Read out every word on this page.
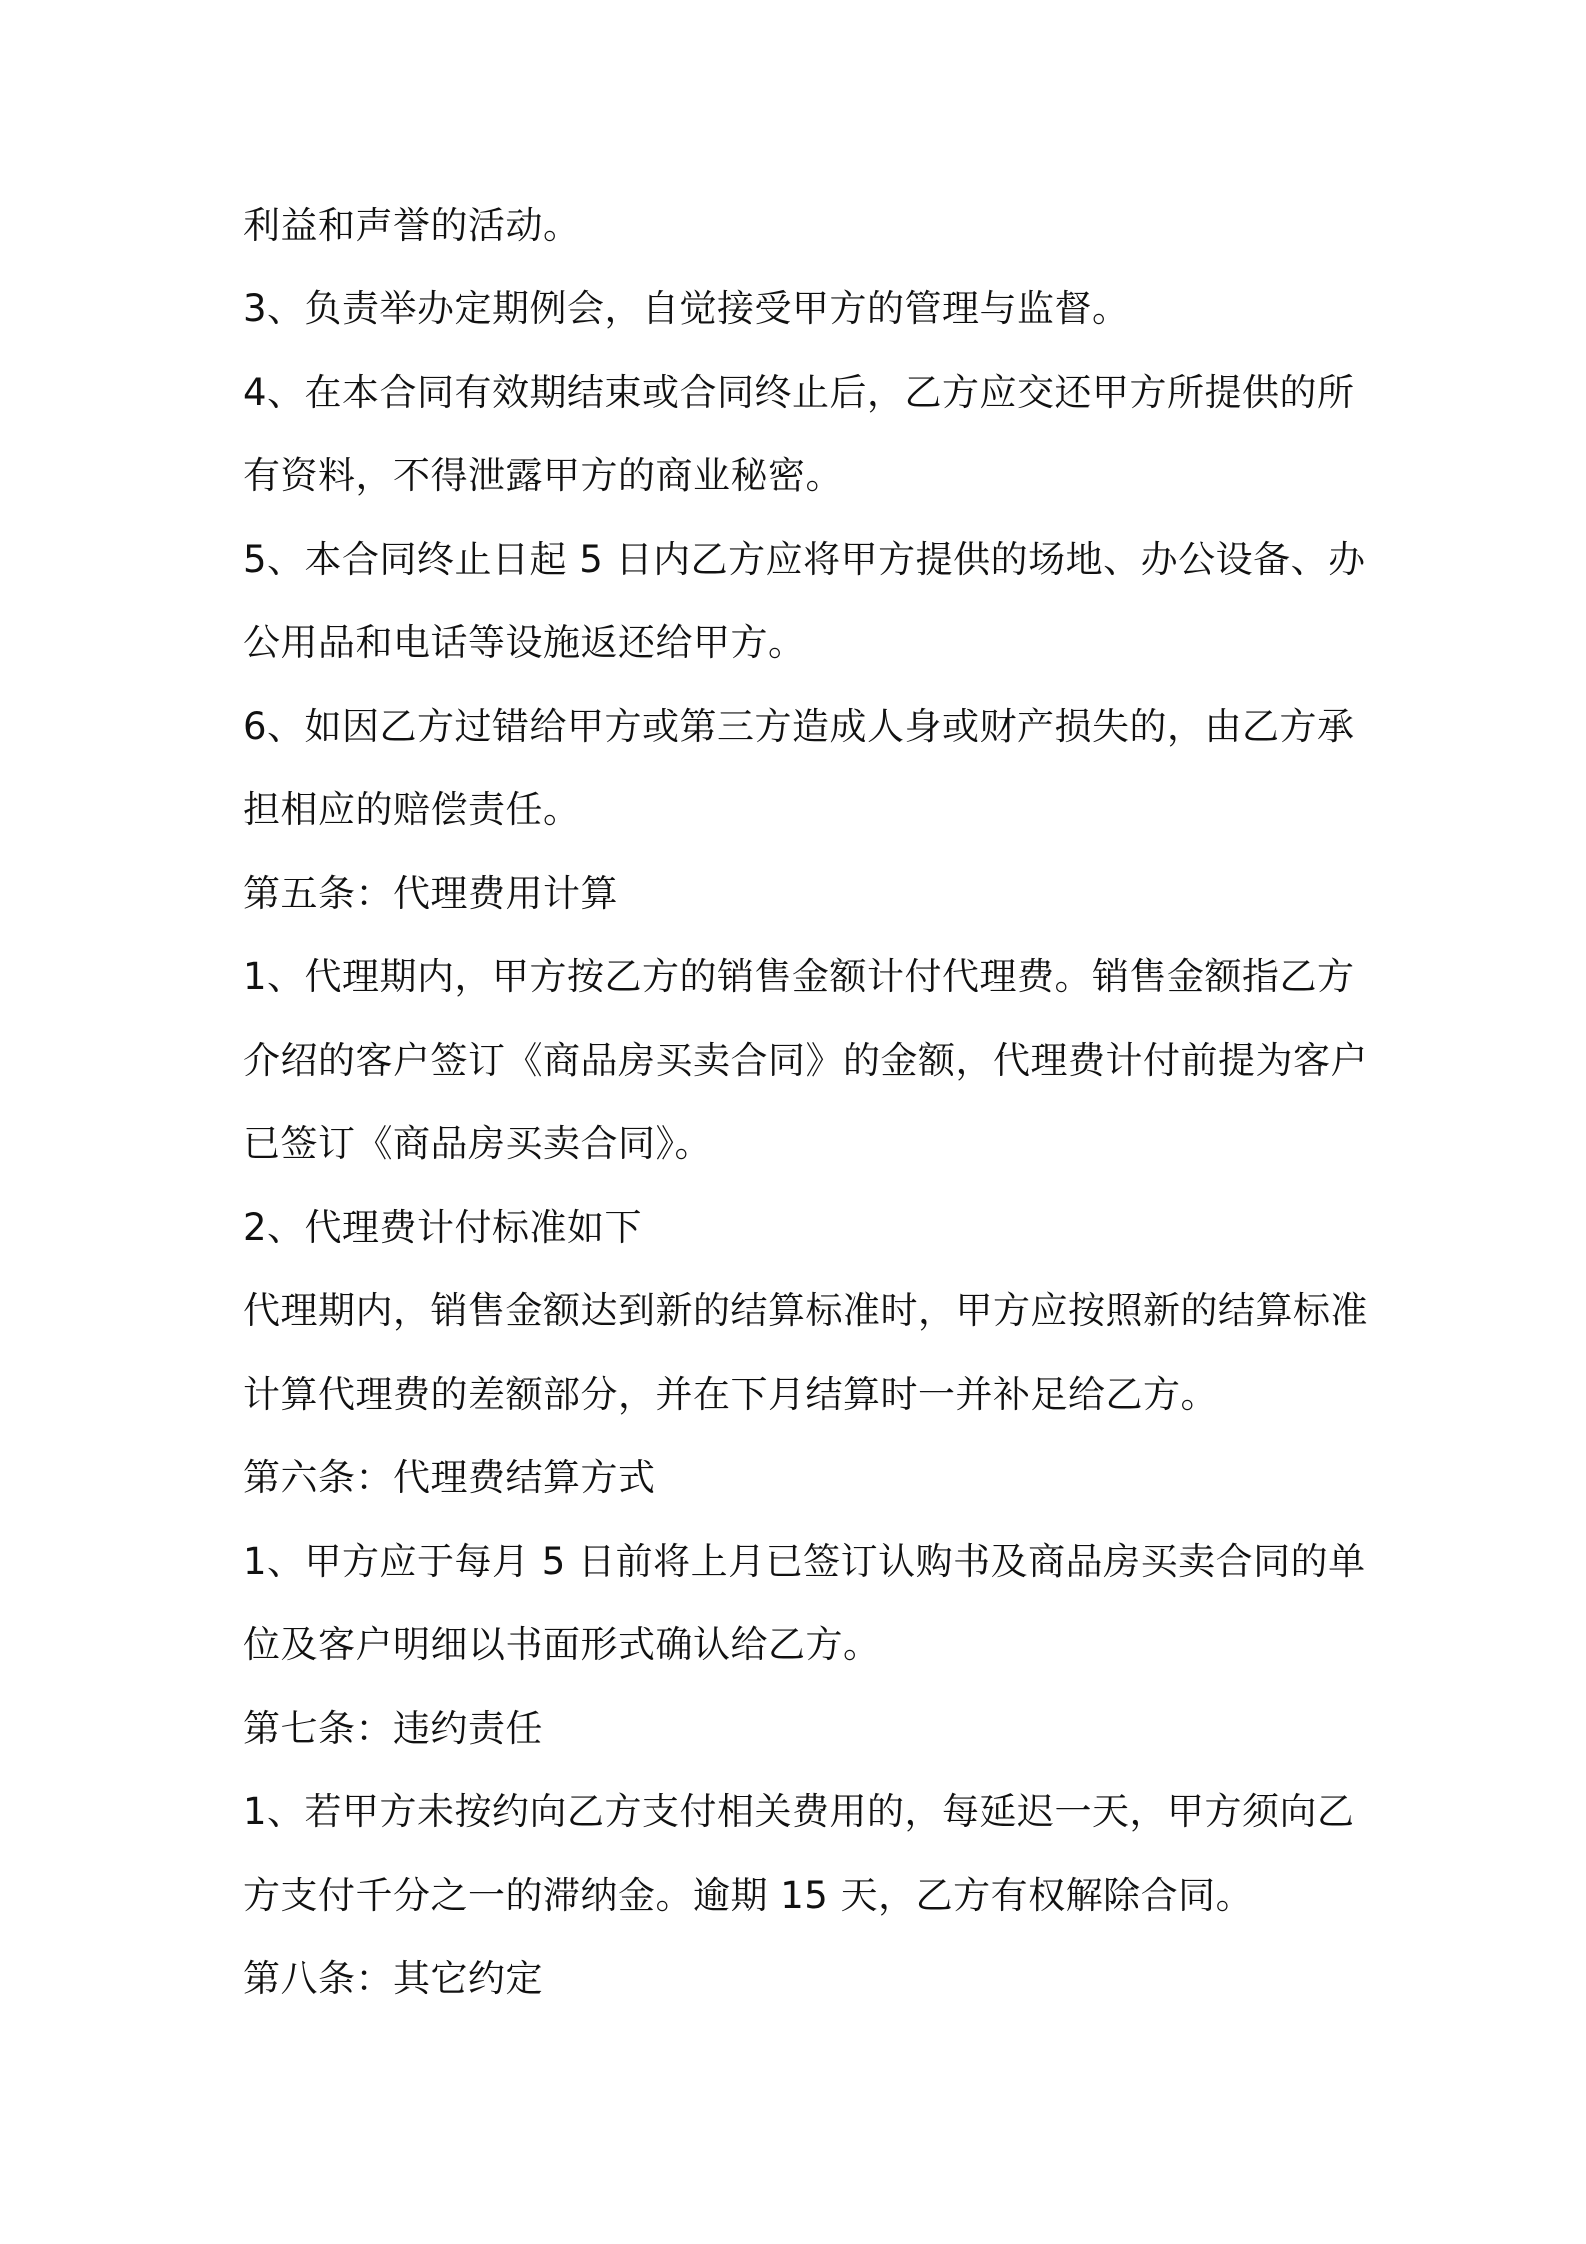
利益和声誉的活动。
3、负责举办定期例会，自觉接受甲方的管理与监督。
4、在本合同有效期结束或合同终止后，乙方应交还甲方所提供的所
有资料，不得泄露甲方的商业秘密。
5、本合同终止日起 5 日内乙方应将甲方提供的场地、办公设备、办
公用品和电话等设施返还给甲方。
6、如因乙方过错给甲方或第三方造成人身或财产损失的，由乙方承
担相应的赔偿责任。
第五条：代理费用计算
1、代理期内，甲方按乙方的销售金额计付代理费。销售金额指乙方
介绍的客户签订《商品房买卖合同》的金额，代理费计付前提为客户
已签订《商品房买卖合同》。
2、代理费计付标准如下
代理期内，销售金额达到新的结算标准时，甲方应按照新的结算标准
计算代理费的差额部分，并在下月结算时一并补足给乙方。
第六条：代理费结算方式
1、甲方应于每月 5 日前将上月已签订认购书及商品房买卖合同的单
位及客户明细以书面形式确认给乙方。
第七条：违约责任
1、若甲方未按约向乙方支付相关费用的，每延迟一天，甲方须向乙
方支付千分之一的滞纳金。逾期 15 天，乙方有权解除合同。
第八条：其它约定
